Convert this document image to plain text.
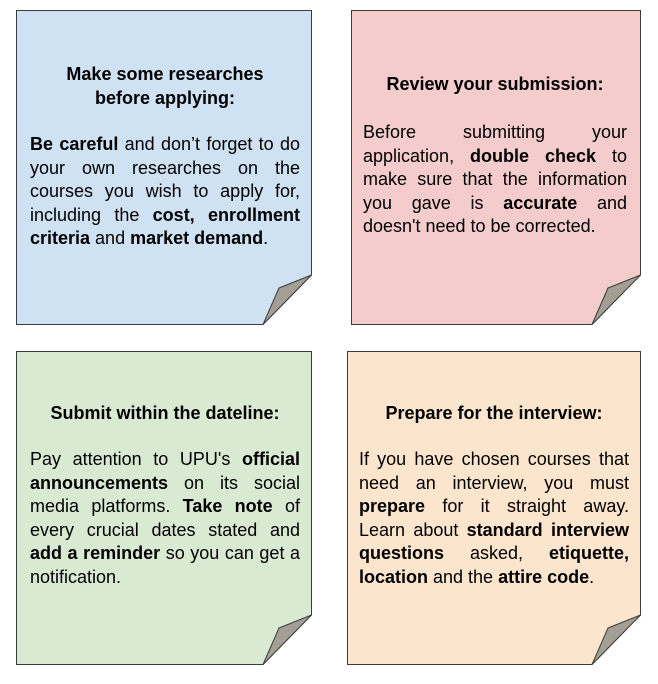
Make some researches
before applying:

Be careful and don’t forget to do your own researches on the courses you wish to apply for, including the cost, enrollment criteria and market demand.

Review your submission:

Before submitting your application, double check to make sure that the information you gave is accurate and doesn't need to be corrected.

Submit within the dateline:

Pay attention to UPU's official announcements on its social media platforms. Take note of every crucial dates stated and add a reminder so you can get a notification.

Prepare for the interview:

If you have chosen courses that need an interview, you must prepare for it straight away. Learn about standard interview questions asked, etiquette, location and the attire code.
